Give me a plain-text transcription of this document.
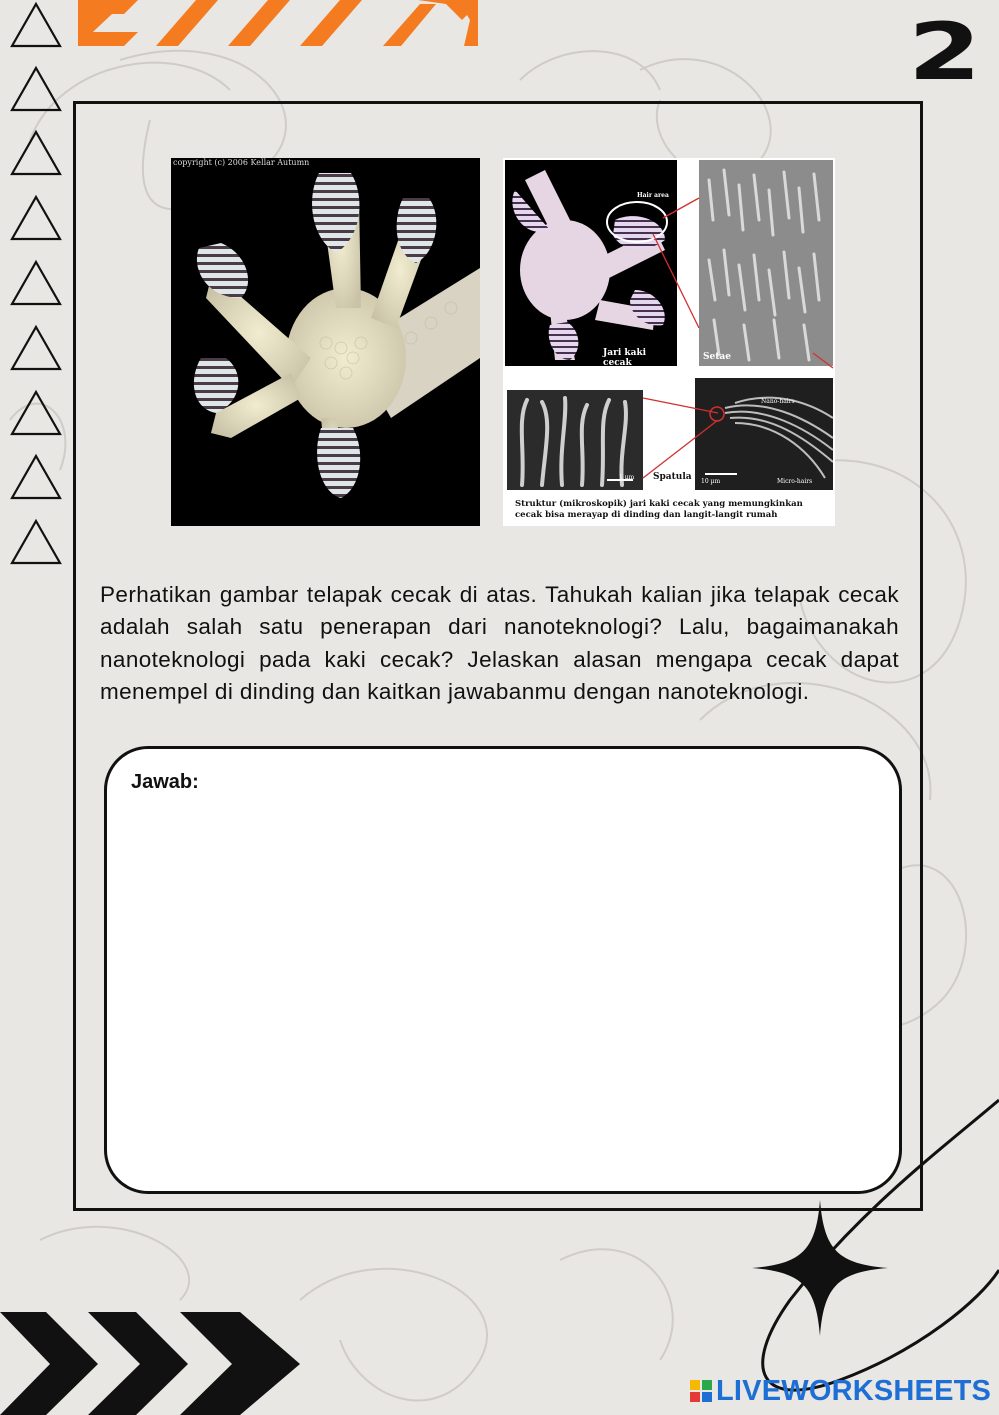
2
copyright (c) 2006 Kellar Autumn
Hair area
Jari kaki cecak
Setae
1 µm Spatula
Nano-hairs
Micro-hairs
10 µm
Struktur (mikroskopik) jari kaki cecak yang memungkinkan cecak bisa merayap di dinding dan langit-langit rumah

Perhatikan gambar telapak cecak di atas. Tahukah kalian jika telapak cecak adalah salah satu penerapan dari nanoteknologi? Lalu, bagaimanakah nanoteknologi pada kaki cecak? Jelaskan alasan mengapa cecak dapat menempel di dinding dan kaitkan jawabanmu dengan nanoteknologi.

Jawab:
LIVEWORKSHEETS
